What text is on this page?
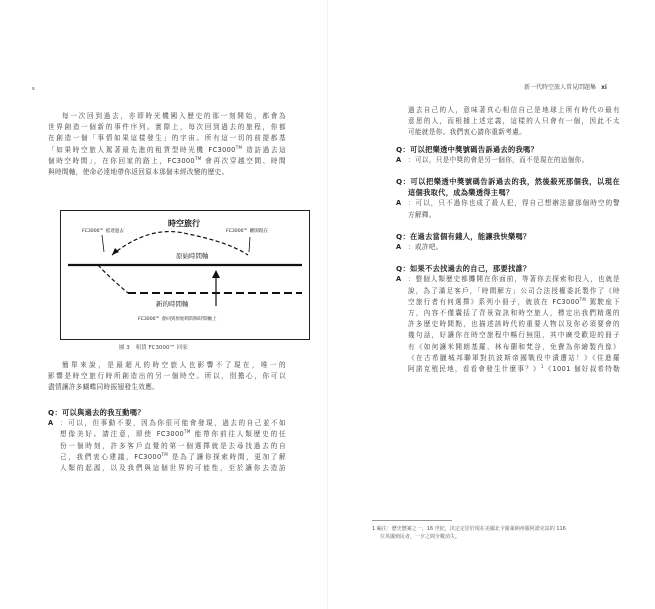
s
每一次回到過去，亦即時光機闖入歷史的那一刻開始，都會為
世界創造一個新的事件序列。實際上，每次回到過去的旅程，你都
在創造一個「事情如果這樣發生」的宇宙。所有這一切的前提都基
「如果時空旅人駕著最先進的租賃型時光機 FC3000™ 造訪過去這
個時空時間」，在你回家的路上，FC3000™ 會再次穿越空間、時間
與時間軸，使命必達地帶你返回原本那個未經改變的歷史。
時空旅行
FC3000™ 抵達過去	FC3000™ 離開現在
原始時間軸
新的時間軸
FC3000™ 會回到原始時間和時間軸上
圖 3 租賃 FC3000™ 回家
簡單來說，是最超凡的時空旅人也影響不了現在，唯一的
影響是時空旅行時所創造出的另一個時空。所以，別擔心，你可以
盡情讓許多蝴蝶同時振翅發生效應。
Q：可以與過去的我互動嗎？
A ：可以，但事動不要，因為你很可能會發現，過去的自己並不如
想像美好。請注意，即使 FC3000™ 能帶你前往人類歷史的任
份一個時刻，許多客戶直覺的第一個選擇就是去尋找過去的自
己，我們衷心建議，FC3000™ 是為了讓你探索時間，更加了解
人類的起源，以及我們與這個世界的可能性，至於讓你去造訪
新一代時空旅人常見問題集 xi
過去自己的人，意味著真心相信自己是地球上所有時代の最有
意思的人，而根據上述定義，這樣的人只會有一個，因此不太
可能就是你。我們衷心請你重新考慮。
Q：可以把樂透中獎號碼告訴過去的我嗎？
A ：可以，只是中獎的會是另一個你，而不是現在的這個你。
Q：可以把樂透中獎號碼告訴過去的我，然後殺死那個我，以現在
這個我取代，成為樂透得主嗎？
A ：可以，只不過你也成了殺人犯，得自己想辦法避那個時空的警
方解釋。
Q：在過去當個有錢人，能讓我快樂嗎？
A ：或許吧。
Q：如果不去找過去的自己，那要找誰？
A ：整個人類歷史都攤開在你面前，等著你去探索和投入，也就是
說，為了滿足客戶，「時間解方」公司合法授權委託製作了《時
空旅行者有何選擇》系列小冊子，就放在 FC3000™ 駕駛座下
方，內容不僅囊括了背景資訊和時空旅人，標定出我們精選的
許多歷史時間點，也描述該時代的重要人物以及你必須要會的
幾句話，好讓你在時空旅程中暢行無阻，其中廣受歡迎的冊子
有《如何讓米開朗基羅、林布蘭和梵谷，免費為你繪製肖像》
《在古希臘城邦聯軍對抗波斯帝國戰役中潰遭站！》《住進羅
阿諾克殖民地，看看會發生什麼事？》$^1$《1001 個好叔希特勒
1 編注：歷史懸案之一，16 世紀，決定定居於現在美國北卡羅萊納州羅阿諾克島的 116
位英國殖民者，一夕之間全數消失。
